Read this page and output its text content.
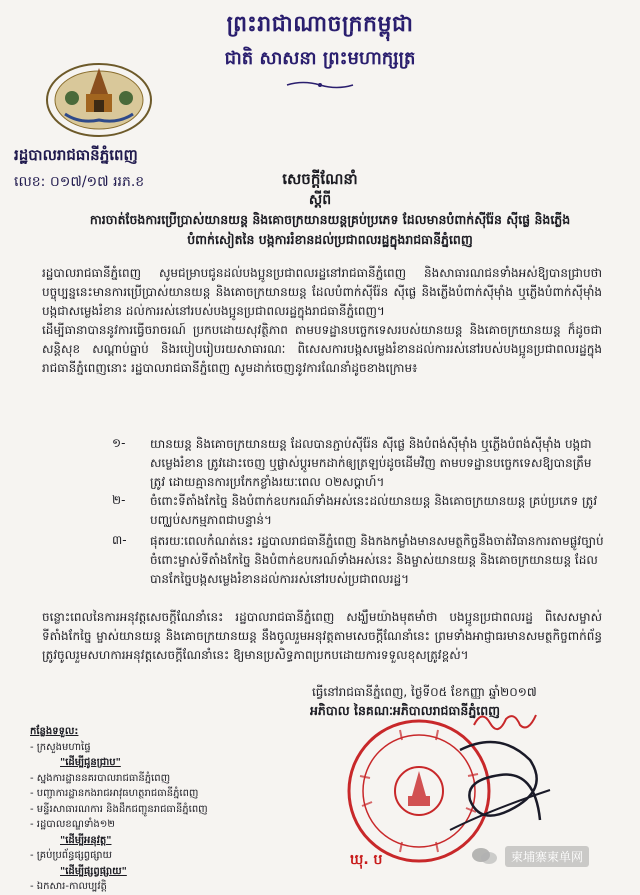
ព្រះរាជាណាចក្រកម្ពុជា
ជាតិ សាសនា ព្រះមហាក្សត្រ
រដ្ឋបាលរាជធានីភ្នំពេញ
លេខ: ០១៧/១៧ ររភ.ខ	សេចក្ដីណែនាំ
ស្ដីពី
ការចាត់ចែងការប្រើប្រាស់យានយន្ដ និងគោចក្រយានយន្ដគ្រប់ប្រភេទ ដែលមានបំពាក់ស៊ីរ៉ែន ស៊ីផ្លេ និងភ្លើងបំពាក់សៀតនៃ បង្កការរំខានដល់ប្រជាពលរដ្ឋក្នុងរាជធានីភ្នំពេញ
រដ្ឋបាលរាជធានីភ្នំពេញ សូមជម្រាបជូនដល់បងប្អូនប្រជាពលរដ្ឋនៅរាជធានីភ្នំពេញ និងសាធារណជនទាំងអស់ឱ្យបានជ្រាបថា បច្ចុប្បន្ននេះមានការប្រើប្រាស់យានយន្ដ និងគោចក្រយានយន្ដ ដែលបំពាក់ស៊ីរ៉ែន ស៊ីផ្លេ និងភ្លើងបំពាក់ស៊ីម៉ាំង ឬភ្លើងបំពាក់ស៊ីម៉ាំង បង្កជាសម្លេងរំខាន ដល់ការរស់នៅរបស់បងប្អូនប្រជាពលរដ្ឋក្នុងរាជធានីភ្នំពេញ។
ដើម្បីធានាបាននូវការធ្វើចរាចរណ៍ ប្រកបដោយសុវត្ថិភាព តាមបទដ្ឋានបច្ចេកទេសរបស់យានយន្ដ និងគោចក្រយានយន្ដ ក៏ដូចជា សន្ដិសុខ សណ្ដាប់ធ្នាប់ និងរបៀបរៀបរយសាធារណៈ ពិសេសការបង្កសម្លេងរំខានដល់ការរស់នៅរបស់បងប្អូនប្រជាពលរដ្ឋក្នុងរាជធានីភ្នំពេញនោះ រដ្ឋបាលរាជធានីភ្នំពេញ សូមដាក់ចេញនូវការណែនាំដូចខាងក្រោម៖
១- យានយន្ដ និងគោចក្រយានយន្ដ ដែលបានភ្ជាប់ស៊ីរ៉ែន ស៊ីផ្លេ និងបំពង់ស៊ីម៉ាំង ឬភ្លើងបំពង់ស៊ីម៉ាំង បង្កជាសម្លេងរំខាន ត្រូវដោះចេញ ឬផ្លាស់ប្ដូរមកដាក់ឲ្យត្រឡប់ដូចដើមវិញ តាមបទដ្ឋានបច្ចេកទេសឱ្យបានត្រឹមត្រូវ ដោយគ្មានការប្រកែកខ្លាំងរយៈពេល ០២សប្ដាហ៍។
២- ចំពោះទីតាំងកែច្នៃ និងបំពាក់ឧបករណ៍ទាំងអស់នេះដល់យានយន្ដ និងគោចក្រយានយន្ដ គ្រប់ប្រភេទ ត្រូវបញ្ឈប់សកម្មភាពជាបន្ទាន់។
៣- ផុតរយៈពេលកំណត់នេះ រដ្ឋបាលរាជធានីភ្នំពេញ និងកងកម្លាំងមានសមត្ថកិច្ចនឹងចាត់វិធានការតាមផ្លូវច្បាប់ ចំពោះម្ចាស់ទីតាំងកែច្នៃ និងបំពាក់ឧបករណ៍ទាំងអស់នេះ និងម្ចាស់យានយន្ដ និងគោចក្រយានយន្ដ ដែលបានកែច្នៃបង្កសម្លេងរំខានដល់ការរស់នៅរបស់ប្រជាពលរដ្ឋ។
ចន្លោះពេលនៃការអនុវត្តសេចក្ដីណែនាំនេះ រដ្ឋបាលរាជធានីភ្នំពេញ សង្ឃឹមយ៉ាងមុតមាំថា បងប្អូនប្រជាពលរដ្ឋ ពិសេសម្ចាស់ទីតាំងកែច្នៃ ម្ចាស់យានយន្ដ និងគោចក្រយានយន្ដ នឹងចូលរួមអនុវត្តតាមសេចក្ដីណែនាំនេះ ព្រមទាំងអាជ្ញាធរមានសមត្ថកិច្ចពាក់ព័ន្ធត្រូវចូលរួមសហការអនុវត្តសេចក្ដីណែនាំនេះ ឱ្យមានប្រសិទ្ធភាពប្រកបដោយការទទួលខុសត្រូវខ្ពស់។
ធ្វើនៅរាជធានីភ្នំពេញ, ថ្ងៃទី០៥ ខែកញ្ញា ឆ្នាំ២០១៧
អភិបាល នៃគណៈអភិបាលរាជធានីភ្នំពេញ
កន្លែងទទួល:
- ក្រសួងមហាផ្ទៃ
"ដើម្បីជូនជ្រាប"
- ស្នងការដ្ឋាននគរបាលរាជធានីភ្នំពេញ
- បញ្ជាការដ្ឋានកងរាជអាវុធហត្ថរាជធានីភ្នំពេញ
- មន្ទីរសាធារណការ និងដឹកជញ្ជូនរាជធានីភ្នំពេញ
- រដ្ឋបាលខណ្ឌទាំង១២
"ដើម្បីអនុវត្ត"
- គ្រប់ប្រព័ន្ធផ្សព្វផ្សាយ
"ដើម្បីផ្សព្វផ្សាយ"
- ឯកសារ-កាលប្បវត្តិ
ឃុ. ប	柬埔寨柬单网
